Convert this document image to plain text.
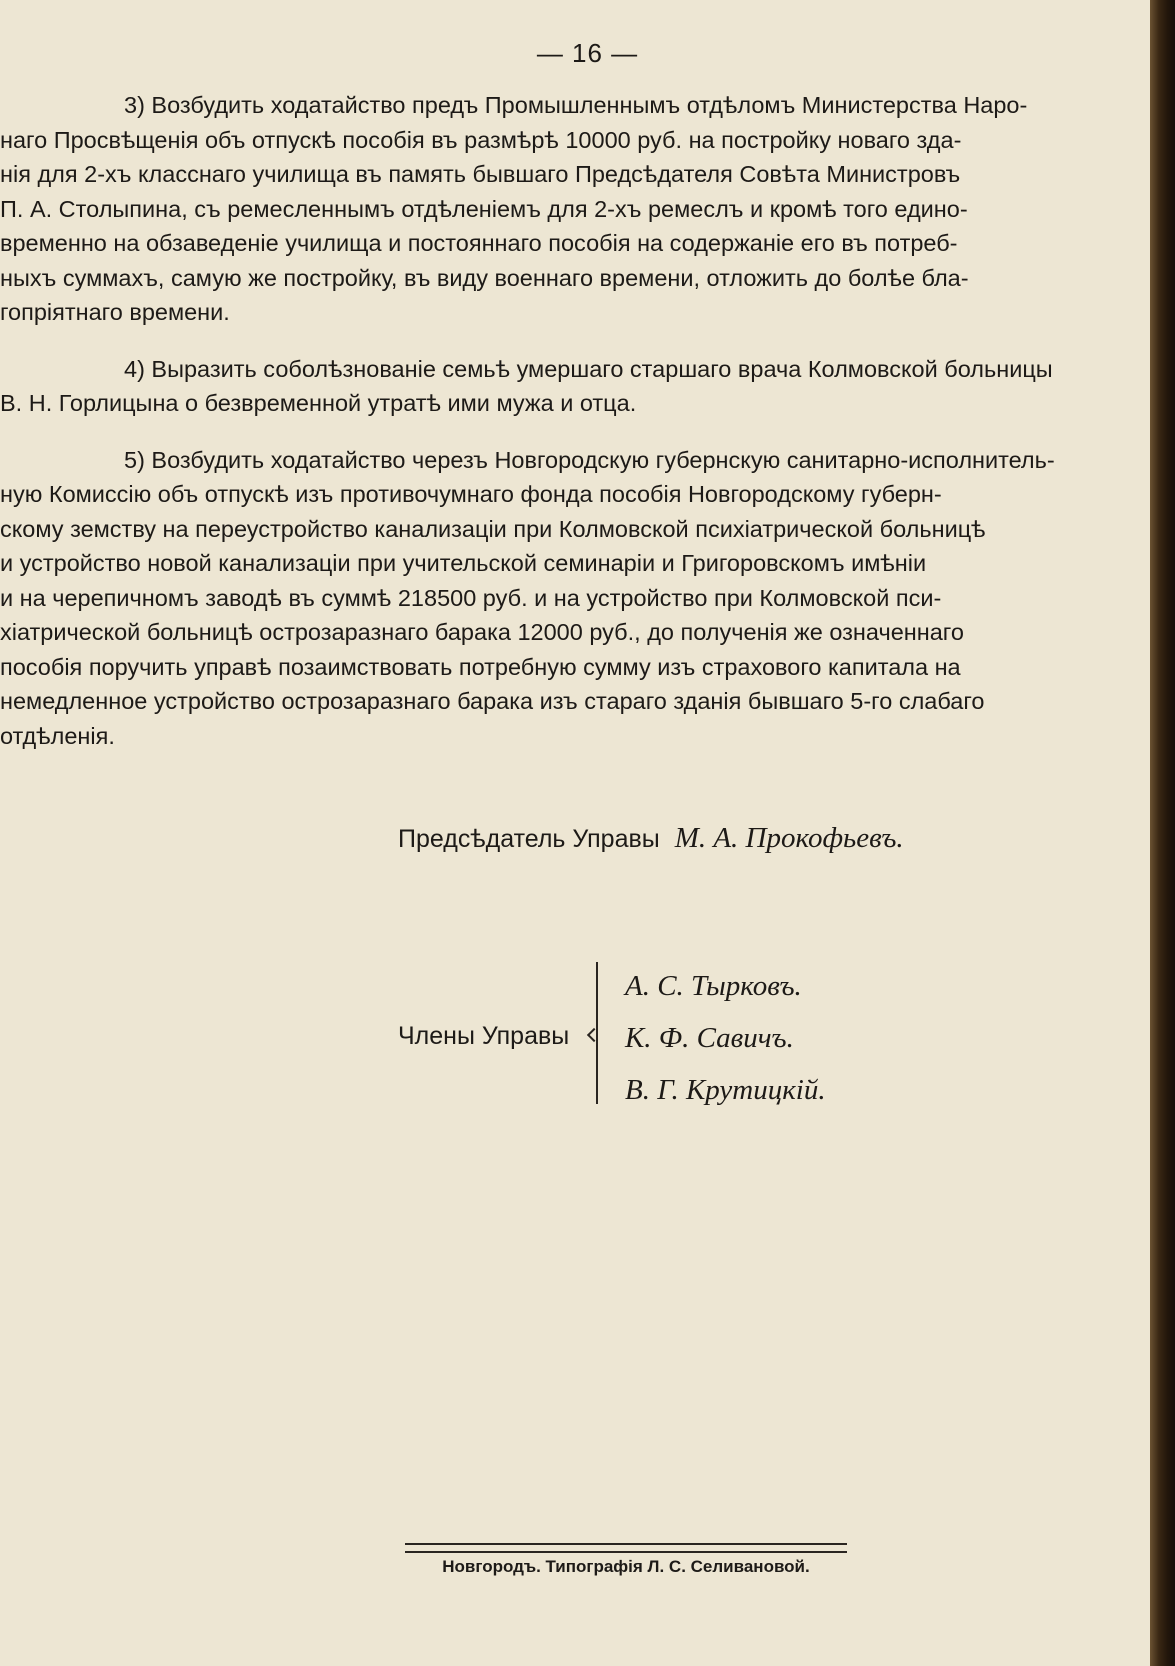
— 16 —
3) Возбудить ходатайство предъ Промышленнымъ отдѣломъ Министерства Наро-
наго Просвѣщенія объ отпускѣ пособія въ размѣрѣ 10000 руб. на постройку новаго зда-
нія для 2-хъ класснаго училища въ память бывшаго Предсѣдателя Совѣта Министровъ
П. А. Столыпина, съ ремесленнымъ отдѣленіемъ для 2-хъ ремеслъ и кромѣ того едино-
временно на обзаведеніе училища и постояннаго пособія на содержаніе его въ потреб-
ныхъ суммахъ, самую же постройку, въ виду военнаго времени, отложить до болѣе бла-
гопріятнаго времени.
4) Выразить соболѣзнованіе семьѣ умершаго старшаго врача Колмовской больницы
В. Н. Горлицына о безвременной утратѣ ими мужа и отца.
5) Возбудить ходатайство черезъ Новгородскую губернскую санитарно-исполнитель-
ную Комиссію объ отпускѣ изъ противочумнаго фонда пособія Новгородскому губерн-
скому земству на переустройство канализаціи при Колмовской психіатрической больницѣ
и устройство новой канализаціи при учительской семинаріи и Григоровскомъ имѣніи
и на черепичномъ заводѣ въ суммѣ 218500 руб. и на устройство при Колмовской пси-
хіатрической больницѣ острозаразнаго барака 12000 руб., до полученія же означеннаго
пособія поручить управѣ позаимствовать потребную сумму изъ страхового капитала на
немедленное устройство острозаразнаго барака изъ стараго зданія бывшаго 5-го слабаго
отдѣленія.
Предсѣдатель Управы М. А. Прокофьевъ.
Члены Управы
А. С. Тырковъ.
К. Ф. Савичъ.
В. Г. Крутицкій.
Новгородъ. Типографія Л. С. Селивановой.
